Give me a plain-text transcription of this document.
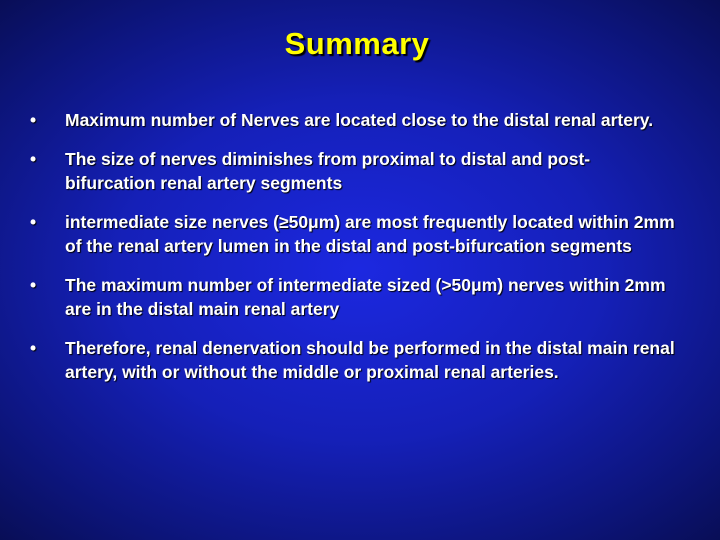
Summary
•	Maximum number of Nerves are located close to the distal renal artery.
•	The size of nerves diminishes from proximal to distal and post-bifurcation renal artery segments
•	intermediate size nerves (≥50μm) are most frequently located within 2mm of the renal artery lumen in the distal and post-bifurcation segments
•	The maximum number of intermediate sized (>50μm) nerves within 2mm are in the distal main renal artery
•	Therefore, renal denervation should be performed in the distal main renal artery, with or without the middle or proximal renal arteries.
